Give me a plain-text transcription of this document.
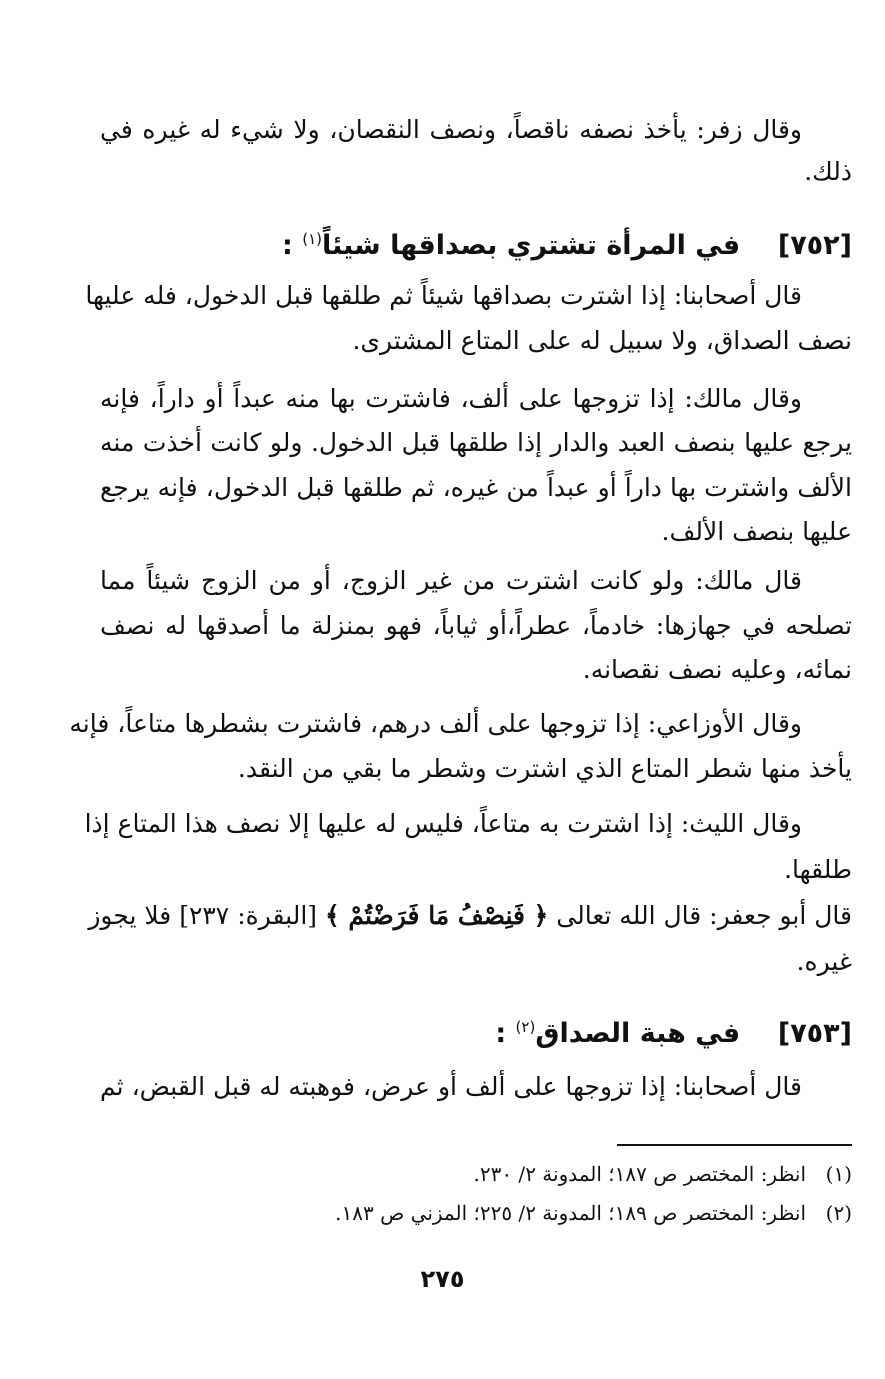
وقال زفر: يأخذ نصفه ناقصاً، ونصف النقصان، ولا شيء له غيره في
ذلك.
[٧٥٢]    في المرأة تشتري بصداقها شيئاً$^{(١)}$ :
قال أصحابنا: إذا اشترت بصداقها شيئاً ثم طلقها قبل الدخول، فله عليها
نصف الصداق، ولا سبيل له على المتاع المشترى.
وقال مالك: إذا تزوجها على ألف، فاشترت بها منه عبداً أو داراً، فإنه
يرجع عليها بنصف العبد والدار إذا طلقها قبل الدخول. ولو كانت أخذت منه
الألف واشترت بها داراً أو عبداً من غيره، ثم طلقها قبل الدخول، فإنه يرجع
عليها بنصف الألف.
قال مالك: ولو كانت اشترت من غير الزوج، أو من الزوج شيئاً مما
تصلحه في جهازها: خادماً، عطراً،أو ثياباً، فهو بمنزلة ما أصدقها له نصف
نمائه، وعليه نصف نقصانه.
وقال الأوزاعي: إذا تزوجها على ألف درهم، فاشترت بشطرها متاعاً، فإنه
يأخذ منها شطر المتاع الذي اشترت وشطر ما بقي من النقد.
وقال الليث: إذا اشترت به متاعاً، فليس له عليها إلا نصف هذا المتاع إذا
طلقها.
قال أبو جعفر: قال الله تعالى ﴿ فَنِصْفُ مَا فَرَضْتُمْ ﴾ [البقرة: ٢٣٧] فلا يجوز
غيره.
[٧٥٣]    في هبة الصداق$^{(٢)}$ :
قال أصحابنا: إذا تزوجها على ألف أو عرض، فوهبته له قبل القبض، ثم
(١)انظر: المختصر ص ١٨٧؛ المدونة ٢/ ٢٣٠.
(٢)انظر: المختصر ص ١٨٩؛ المدونة ٢/ ٢٢٥؛ المزني ص ١٨٣.
٢٧٥
